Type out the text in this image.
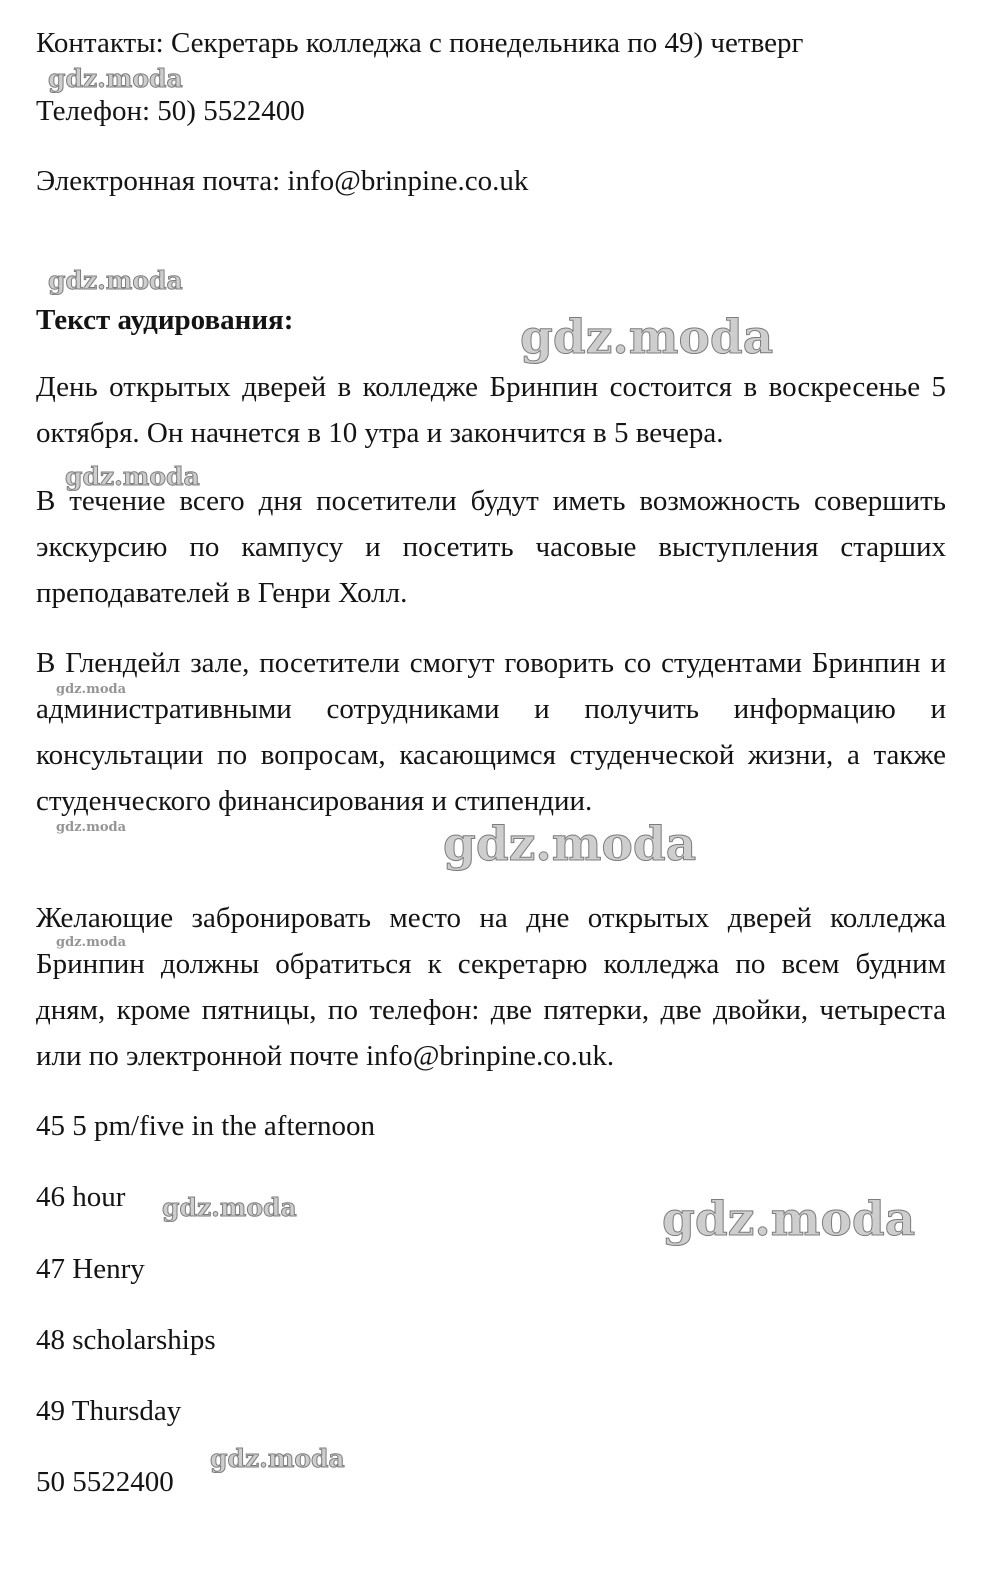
Контакты: Секретарь колледжа с понедельника по 49) четверг
Телефон: 50) 5522400
Электронная почта: info@brinpine.co.uk
Текст аудирования:
День открытых дверей в колледже Бринпин состоится в воскресенье 5 октября. Он начнется в 10 утра и закончится в 5 вечера.
В течение всего дня посетители будут иметь возможность совершить экскурсию по кампусу и посетить часовые выступления старших преподавателей в Генри Холл.
В Глендейл зале, посетители смогут говорить со студентами Бринпин и административными сотрудниками и получить информацию и консультации по вопросам, касающимся студенческой жизни, а также студенческого финансирования и стипендии.
Желающие забронировать место на дне открытых дверей колледжа Бринпин должны обратиться к секретарю колледжа по всем будним дням, кроме пятницы, по телефон: две пятерки, две двойки, четыреста или по электронной почте info@brinpine.co.uk.
45 5 pm/five in the afternoon
46 hour
47 Henry
48 scholarships
49 Thursday
50 5522400
gdz.moda
gdz.moda
gdz.moda
gdz.moda
gdz.moda
gdz.moda	gdz.moda
gdz.moda
gdz.moda	gdz.moda
gdz.moda
